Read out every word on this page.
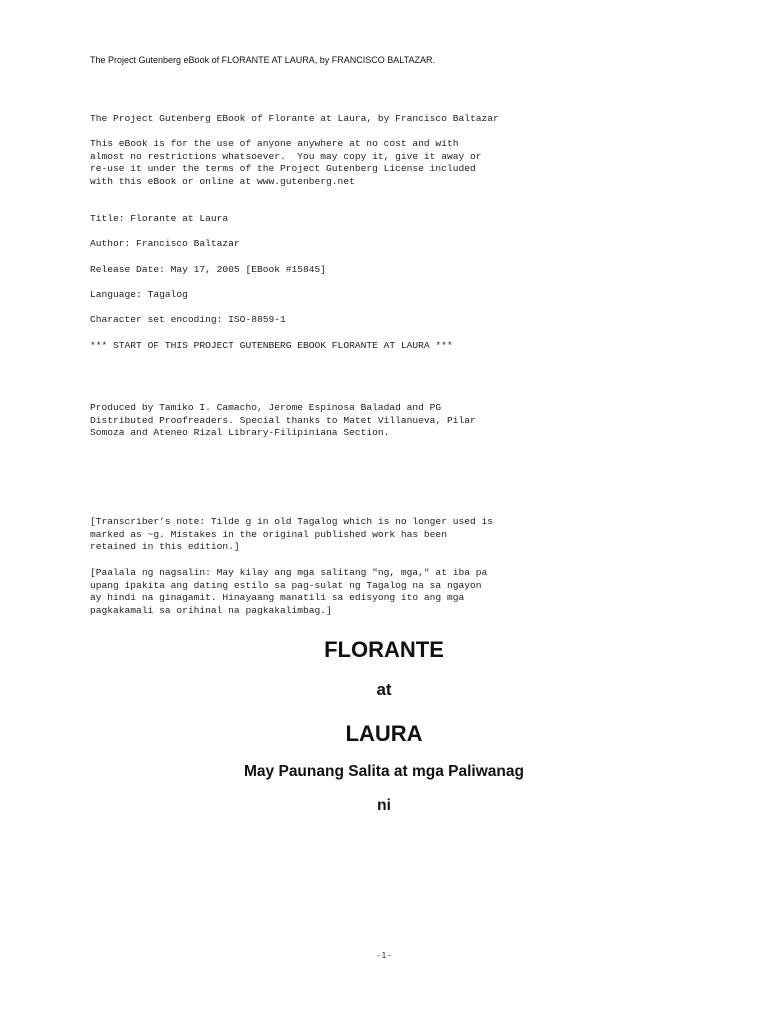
The Project Gutenberg eBook of FLORANTE AT LAURA, by FRANCISCO BALTAZAR.
The Project Gutenberg EBook of Florante at Laura, by Francisco Baltazar
This eBook is for the use of anyone anywhere at no cost and with
almost no restrictions whatsoever.  You may copy it, give it away or
re-use it under the terms of the Project Gutenberg License included
with this eBook or online at www.gutenberg.net
Title: Florante at Laura
Author: Francisco Baltazar
Release Date: May 17, 2005 [EBook #15845]
Language: Tagalog
Character set encoding: ISO-8859-1
*** START OF THIS PROJECT GUTENBERG EBOOK FLORANTE AT LAURA ***
Produced by Tamiko I. Camacho, Jerome Espinosa Baladad and PG
Distributed Proofreaders. Special thanks to Matet Villanueva, Pilar
Somoza and Ateneo Rizal Library-Filipiniana Section.
[Transcriber’s note: Tilde g in old Tagalog which is no longer used is
marked as ~g. Mistakes in the original published work has been
retained in this edition.]
[Paalala ng nagsalin: May kilay ang mga salitang "ng, mga," at iba pa
upang ipakita ang dating estilo sa pag-sulat ng Tagalog na sa ngayon
ay hindi na ginagamit. Hinayaang manatili sa edisyong ito ang mga
pagkakamali sa orihinal na pagkakalimbag.]
FLORANTE
at
LAURA
May Paunang Salita at mga Paliwanag
ni
- 1 -
